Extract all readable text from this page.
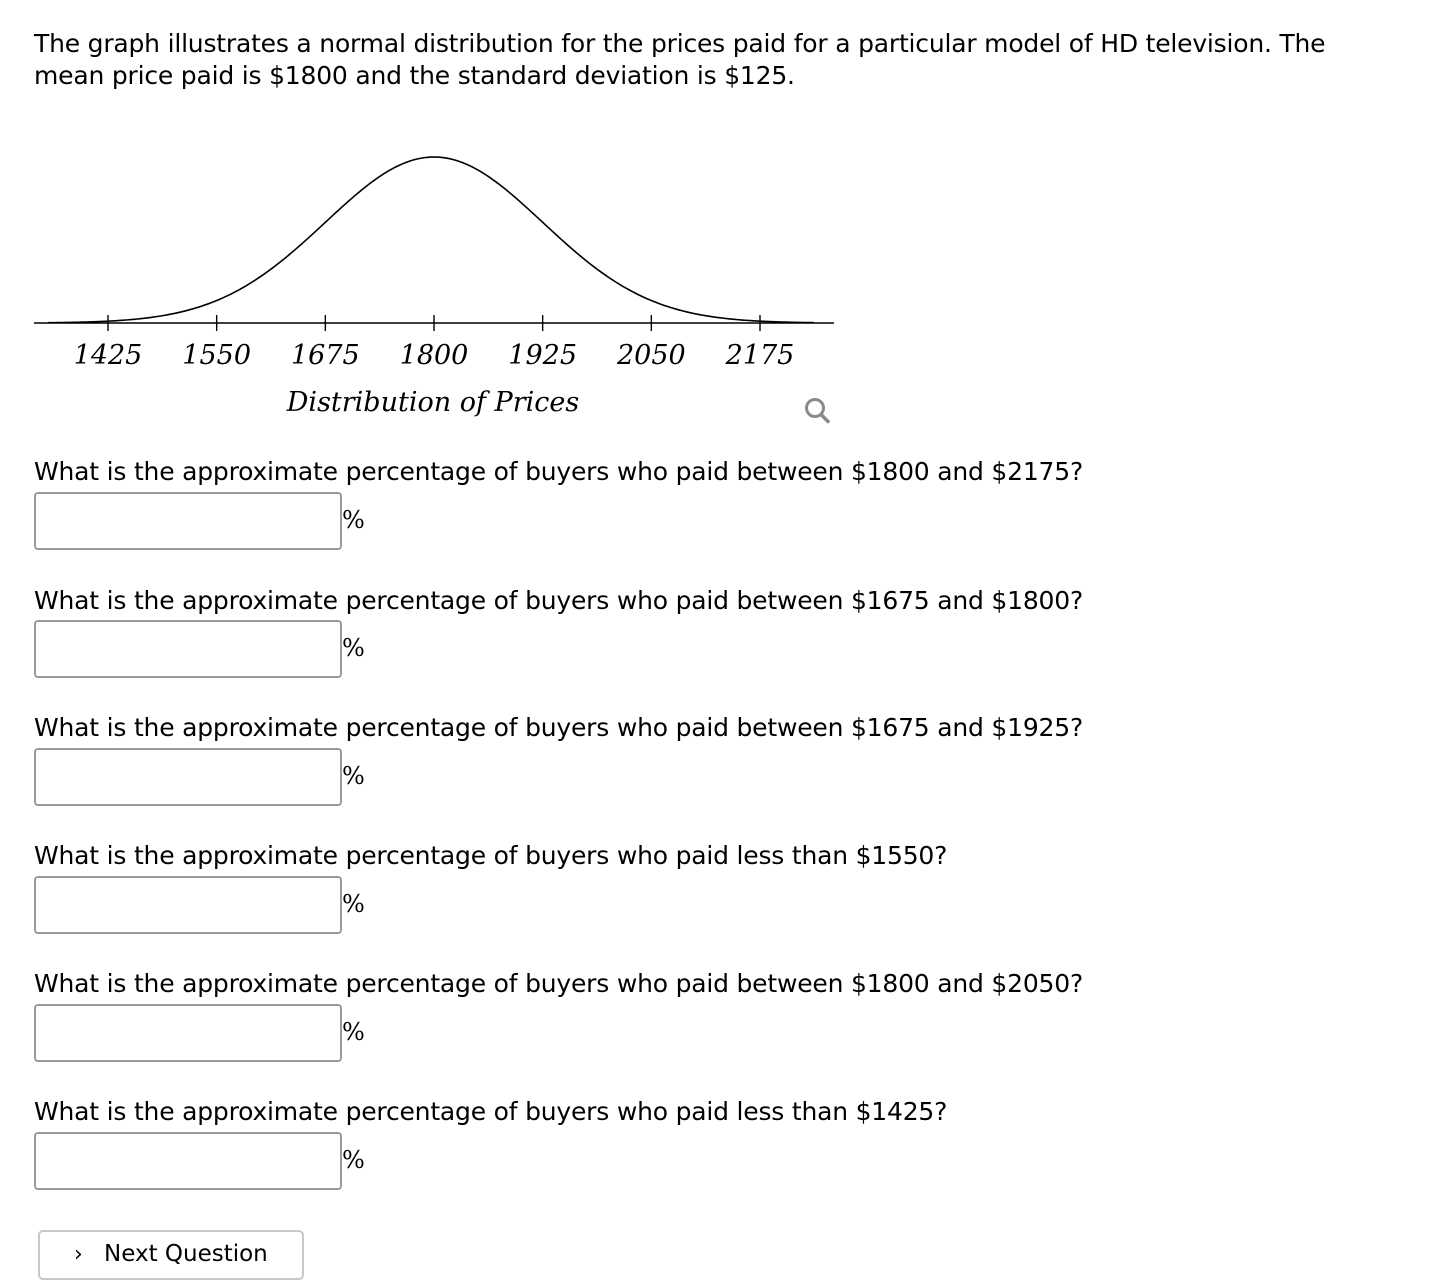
The graph illustrates a normal distribution for the prices paid for a particular model of HD television. The mean price paid is $1800 and the standard deviation is $125.
1425 1550 1675 1800 1925 2050 2175
Distribution of Prices
What is the approximate percentage of buyers who paid between $1800 and $2175?
%
What is the approximate percentage of buyers who paid between $1675 and $1800?
%
What is the approximate percentage of buyers who paid between $1675 and $1925?
%
What is the approximate percentage of buyers who paid less than $1550?
%
What is the approximate percentage of buyers who paid between $1800 and $2050?
%
What is the approximate percentage of buyers who paid less than $1425?
%
› Next Question
